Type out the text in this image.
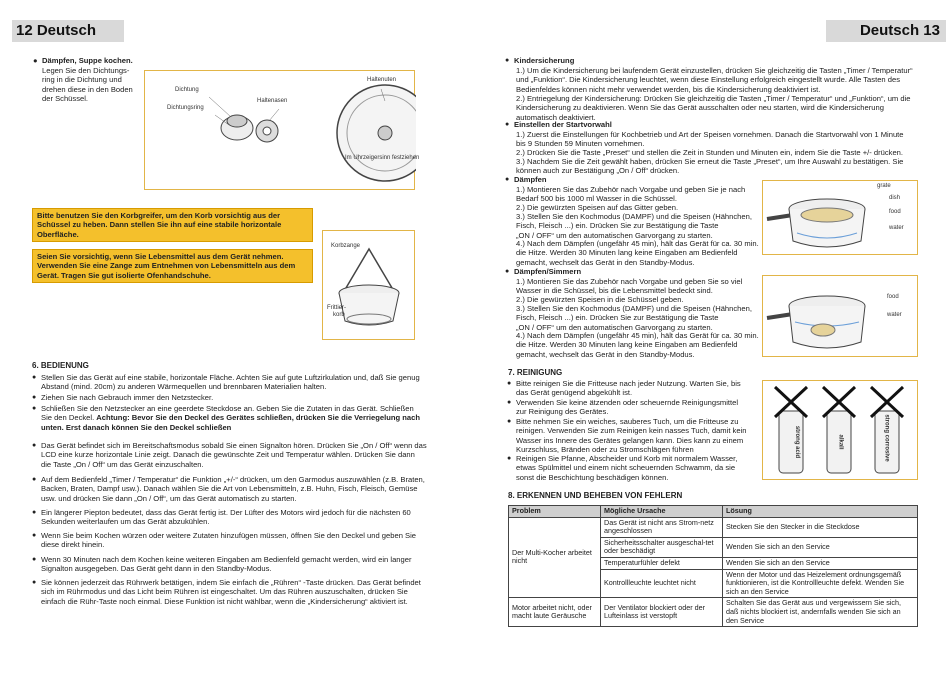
12 Deutsch	Deutsch 13
● Dämpfen, Suppe kochen.
Legen Sie den Dichtungs-
ring in die Dichtung und
drehen diese in den Boden
der Schüssel.
Dichtung
Dichtungsring
Haltenasen
Haltenuten
Im Uhrzeigersinn festziehen
Bitte benutzen Sie den Korbgreifer, um den Korb vorsichtig aus der
Schüssel zu heben. Dann stellen Sie ihn auf eine stabile horizontale
Oberfläche.
Seien Sie vorsichtig, wenn Sie Lebensmittel aus dem Gerät nehmen.
Verwenden Sie eine Zange zum Entnehmen von Lebensmitteln aus dem
Gerät. Tragen Sie gut isolierte Ofenhandschuhe.
Korbzange
Frittier-
korb
6. BEDIENUNG
● Stellen Sie das Gerät auf eine stabile, horizontale Fläche. Achten Sie auf gute Luftzirkulation und, daß Sie genug
Abstand (mind. 20cm) zu anderen Wärmequellen und brennbaren Materialien halten.
● Ziehen Sie nach Gebrauch immer den Netzstecker.
● Schließen Sie den Netzstecker an eine geerdete Steckdose an. Geben Sie die Zutaten in das Gerät. Schließen
Sie den Deckel. Achtung: Bevor Sie den Deckel des Gerätes schließen, drücken Sie die Verriegelung nach
unten. Erst danach können Sie den Deckel schließen
● Das Gerät befindet sich im Bereitschaftsmodus sobald Sie einen Signalton hören. Drücken Sie „On / Off“ wenn das
LCD eine kurze horizontale Linie zeigt. Danach die gewünschte Zeit und Temperatur wählen. Drücken Sie dann
die Taste „On / Off“ um das Gerät einzuschalten.
● Auf dem Bedienfeld „Timer / Temperatur“ die Funktion „+/-“ drücken, um den Garmodus auszuwählen (z.B. Braten,
Backen, Braten, Dampf usw.). Danach wählen Sie die Art von Lebensmitteln, z.B. Huhn, Fisch, Fleisch, Gemüse
usw. und drücken Sie dann „On / Off“, um das Gerät automatisch zu starten.
● Ein längerer Piepton bedeutet, dass das Gerät fertig ist. Der Lüfter des Motors wird jedoch für die nächsten 60
Sekunden weiterlaufen um das Gerät abzukühlen.
● Wenn Sie beim Kochen würzen oder weitere Zutaten hinzufügen müssen, öffnen Sie den Deckel und geben Sie
diese direkt hinein.
● Wenn 30 Minuten nach dem Kochen keine weiteren Eingaben am Bedienfeld gemacht werden, wird ein langer
Signalton ausgegeben. Das Gerät geht dann in den Standby-Modus.
● Sie können jederzeit das Rührwerk betätigen, indem Sie einfach die „Rühren“ -Taste drücken. Das Gerät befindet
sich im Rührmodus und das Licht beim Rühren ist eingeschaltet. Um das Rühren auszuschalten, drücken Sie
einfach die Rühr-Taste noch einmal. Diese Funktion ist nicht wählbar, wenn die „Kindersicherung“ aktiviert ist.
● Kindersicherung
1.) Um die Kindersicherung bei laufendem Gerät einzustellen, drücken Sie gleichzeitig die Tasten „Timer / Temperatur“
und „Funktion“. Die Kindersicherung leuchtet, wenn diese Einstellung erfolgreich eingestellt wurde. Alle Tasten des
Bedienfeldes können nicht mehr verwendet werden, bis die Kindersicherung deaktiviert ist.
2.) Entriegelung der Kindersicherung: Drücken Sie gleichzeitig die Tasten „Timer / Temperatur“ und „Funktion“, um die
Kindersicherung zu deaktivieren. Wenn Sie das Gerät ausschalten oder neu starten, wird die Kindersicherung
automatisch deaktiviert.
● Einstellen der Startvorwahl
1.) Zuerst die Einstellungen für Kochbetrieb und Art der Speisen vornehmen. Danach die Startvorwahl von 1 Minute
bis 9 Stunden 59 Minuten vornehmen.
2.) Drücken Sie die Taste „Preset“ und stellen die Zeit in Stunden und Minuten ein, indem Sie die Taste +/- drücken.
3.) Nachdem Sie die Zeit gewählt haben, drücken Sie erneut die Taste „Preset“, um Ihre Auswahl zu bestätigen. Sie
können auch zur Bestätigung „On / Off“ drücken.
● Dämpfen
1.) Montieren Sie das Zubehör nach Vorgabe und geben Sie je nach
Bedarf 500 bis 1000 ml Wasser in die Schüssel.
2.) Die gewürzten Speisen auf das Gitter geben.
3.) Stellen Sie den Kochmodus (DAMPF) und die Speisen (Hähnchen,
Fisch, Fleisch ...) ein. Drücken Sie zur Bestätigung die Taste
„ON / OFF“ um den automatischen Garvorgang zu starten.
4.) Nach dem Dämpfen (ungefähr 45 min), hält das Gerät für ca. 30 min.
die Hitze. Werden 30 Minuten lang keine Eingaben am Bedienfeld
gemacht, wechselt das Gerät in den Standby-Modus.
grate
dish
food
water
● Dämpfen/Simmern
1.) Montieren Sie das Zubehör nach Vorgabe und geben Sie so viel
Wasser in die Schüssel, bis die Lebensmittel bedeckt sind.
2.) Die gewürzten Speisen in die Schüssel geben.
3.) Stellen Sie den Kochmodus (DAMPF) und die Speisen (Hähnchen,
Fisch, Fleisch ...) ein. Drücken Sie zur Bestätigung die Taste
„ON / OFF“ um den automatischen Garvorgang zu starten.
4.) Nach dem Dämpfen (ungefähr 45 min), hält das Gerät für ca. 30 min.
die Hitze. Werden 30 Minuten lang keine Eingaben am Bedienfeld
gemacht, wechselt das Gerät in den Standby-Modus.
food
water
7. REINIGUNG
● Bitte reinigen Sie die Fritteuse nach jeder Nutzung. Warten Sie, bis
das Gerät genügend abgekühlt ist.
● Verwenden Sie keine ätzenden oder scheuernde Reinigungsmittel
zur Reinigung des Gerätes.
● Bitte nehmen Sie ein weiches, sauberes Tuch, um die Fritteuse zu
reinigen. Verwenden Sie zum Reinigen kein nasses Tuch, damit kein
Wasser ins Innere des Gerätes gelangen kann. Dies kann zu einem
Kurzschluss, Bränden oder zu Stromschlägen führen
● Reinigen Sie Pfanne, Abscheider und Korb mit normalem Wasser,
etwas Spülmittel und einem nicht scheuernden Schwamm, da sie
sonst die Beschichtung beschädigen können.
strong acid	alkali	strong corrosive
8. ERKENNEN UND BEHEBEN VON FEHLERN
Problem	Mögliche Ursache	Lösung
Der Multi-Kocher arbeitet nicht	Das Gerät ist nicht ans Strom-netz angeschlossen	Stecken Sie den Stecker in die Steckdose
	Sicherheitsschalter ausgeschal-tet oder beschädigt	Wenden Sie sich an den Service
	Temperaturfühler defekt	Wenden Sie sich an den Service
	Kontrollleuchte leuchtet nicht	Wenn der Motor und das Heizelement ordnungsgemäß funktionieren, ist die Kontrollleuchte defekt. Wenden Sie sich an den Service
Motor arbeitet nicht, oder macht laute Geräusche	Der Ventilator blockiert oder der Lufteinlass ist verstopft	Schalten Sie das Gerät aus und vergewissern Sie sich, daß nichts blockiert ist, andernfalls wenden Sie sich an den Service
